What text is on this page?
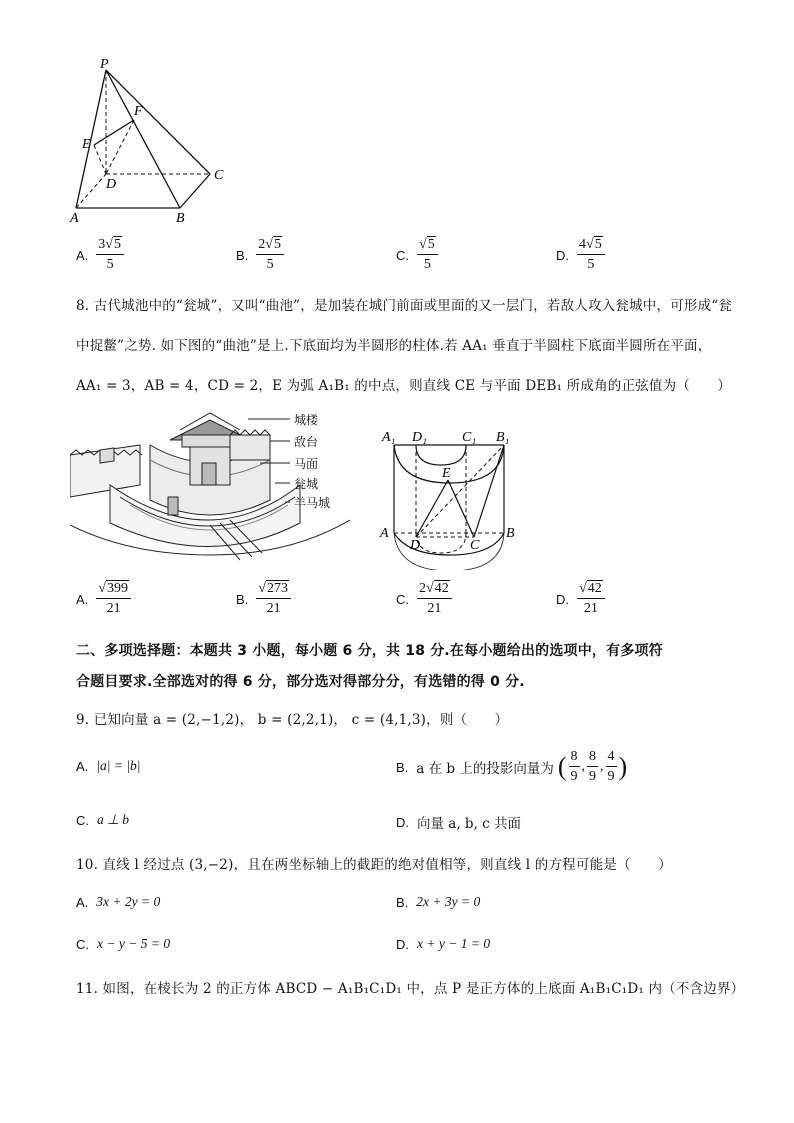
P
F
E
D
C
A	B
A. $\frac{3√5}{5}$	B. $\frac{2√5}{5}$	C. $\frac{√5}{5}$	D. $\frac{4√5}{5}$
8. 古代城池中的“瓮城”，又叫“曲池”，是加装在城门前面或里面的又一层门，若敌人攻入瓮城中，可形成“瓮
中捉鳖”之势. 如下图的“曲池”是上.下底面均为半圆形的柱体.若 AA₁ 垂直于半圆柱下底面半圆所在平面，
AA₁ = 3，AB = 4，CD = 2，E 为弧 A₁B₁ 的中点，则直线 CE 与平面 DEB₁ 所成角的正弦值为（　　）
城楼
敌台
马面
瓮城
羊马城
A₁ D₁	C₁ B₁
E
A
D	C
B
A. $\frac{√399}{21}$	B. $\frac{√273}{21}$	C. $\frac{2√42}{21}$	D. $\frac{√42}{21}$
二、多项选择题：本题共 3 小题，每小题 6 分，共 18 分.在每小题给出的选项中，有多项符
合题目要求.全部选对的得 6 分，部分选对得部分分，有选错的得 0 分.
9. 已知向量 a = (2,−1,2)， b = (2,2,1)， c = (4,1,3)，则（　　）
A. |a| = |b|	B. a 在 b 上的投影向量为 ( $\frac{8}{9}$ , $\frac{8}{9}$ , $\frac{4}{9}$ )
C. a ⊥ b	D. 向量 a, b, c 共面
10. 直线 l 经过点 (3,−2)，且在两坐标轴上的截距的绝对值相等，则直线 l 的方程可能是（　　）
A. 3x + 2y = 0	B. 2x + 3y = 0
C. x − y − 5 = 0	D. x + y − 1 = 0
11. 如图，在棱长为 2 的正方体 ABCD − A₁B₁C₁D₁ 中，点 P 是正方体的上底面 A₁B₁C₁D₁ 内（不含边界）
